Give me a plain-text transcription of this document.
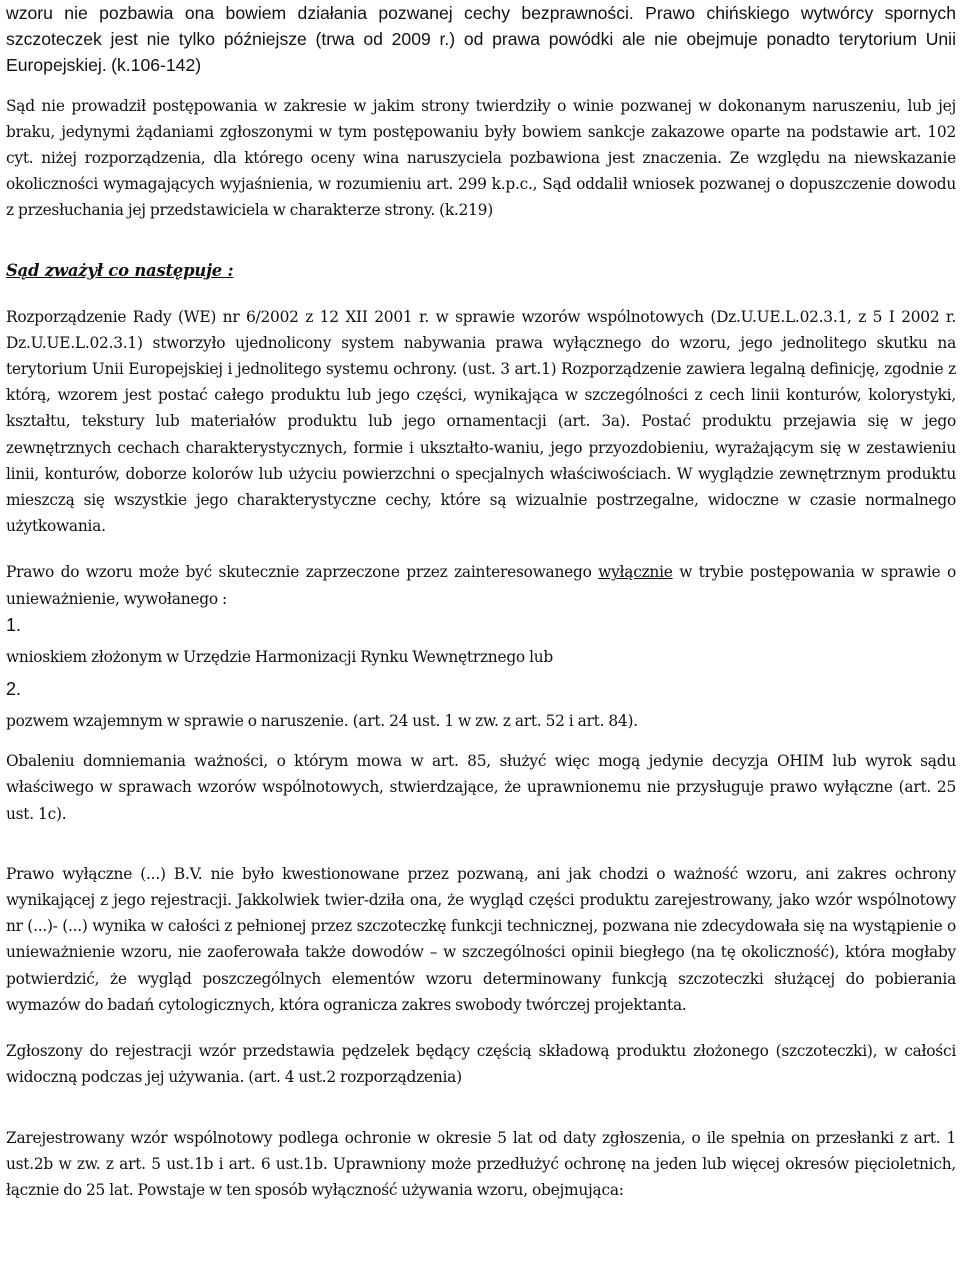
wzoru nie pozbawia ona bowiem działania pozwanej cechy bezprawności. Prawo chińskiego wytwórcy spornych szczoteczek jest nie tylko późniejsze (trwa od 2009 r.) od prawa powódki ale nie obejmuje ponadto terytorium Unii Europejskiej. (k.106-142)

Sąd nie prowadził postępowania w zakresie w jakim strony twierdziły o winie pozwanej w dokonanym naruszeniu, lub jej braku, jedynymi żądaniami zgłoszonymi w tym postępowaniu były bowiem sankcje zakazowe oparte na podstawie art. 102 cyt. niżej rozporządzenia, dla którego oceny wina naruszyciela pozbawiona jest znaczenia. Ze względu na niewskazanie okoliczności wymagających wyjaśnienia, w rozumieniu art. 299 k.p.c., Sąd oddalił wniosek pozwanej o dopuszczenie dowodu z przesłuchania jej przedstawiciela w charakterze strony. (k.219)

Sąd zważył co następuje :

Rozporządzenie Rady (WE) nr 6/2002 z 12 XII 2001 r. w sprawie wzorów wspólnotowych (Dz.U.UE.L.02.3.1, z 5 I 2002 r. Dz.U.UE.L.02.3.1) stworzyło ujednolicony system nabywania prawa wyłącznego do wzoru, jego jednolitego skutku na terytorium Unii Europejskiej i jednolitego systemu ochrony. (ust. 3 art.1) Rozporządzenie zawiera legalną definicję, zgodnie z którą, wzorem jest postać całego produktu lub jego części, wynikająca w szczególności z cech linii konturów, kolorystyki, kształtu, tekstury lub materiałów produktu lub jego ornamentacji (art. 3a). Postać produktu przejawia się w jego zewnętrznych cechach charakterystycznych, formie i ukształto-waniu, jego przyozdobieniu, wyrażającym się w zestawieniu linii, konturów, doborze kolorów lub użyciu powierzchni o specjalnych właściwościach. W wyglądzie zewnętrznym produktu mieszczą się wszystkie jego charakterystyczne cechy, które są wizualnie postrzegalne, widoczne w czasie normalnego użytkowania.

Prawo do wzoru może być skutecznie zaprzeczone przez zainteresowanego wyłącznie w trybie postępowania w sprawie o unieważnienie, wywołanego :

1.

wnioskiem złożonym w Urzędzie Harmonizacji Rynku Wewnętrznego lub

2.

pozwem wzajemnym w sprawie o naruszenie. (art. 24 ust. 1 w zw. z art. 52 i art. 84).

Obaleniu domniemania ważności, o którym mowa w art. 85, służyć więc mogą jedynie decyzja OHIM lub wyrok sądu właściwego w sprawach wzorów wspólnotowych, stwierdzające, że uprawnionemu nie przysługuje prawo wyłączne (art. 25 ust. 1c).

Prawo wyłączne (...) B.V. nie było kwestionowane przez pozwaną, ani jak chodzi o ważność wzoru, ani zakres ochrony wynikającej z jego rejestracji. Jakkolwiek twier-dziła ona, że wygląd części produktu zarejestrowany, jako wzór wspólnotowy nr (...)- (...) wynika w całości z pełnionej przez szczoteczkę funkcji technicznej, pozwana nie zdecydowała się na wystąpienie o unieważnienie wzoru, nie zaoferowała także dowodów – w szczególności opinii biegłego (na tę okoliczność), która mogłaby potwierdzić, że wygląd poszczególnych elementów wzoru determinowany funkcją szczoteczki służącej do pobierania wymazów do badań cytologicznych, która ogranicza zakres swobody twórczej projektanta.

Zgłoszony do rejestracji wzór przedstawia pędzelek będący częścią składową produktu złożonego (szczoteczki), w całości widoczną podczas jej używania. (art. 4 ust.2 rozporządzenia)

Zarejestrowany wzór wspólnotowy podlega ochronie w okresie 5 lat od daty zgłoszenia, o ile spełnia on przesłanki z art. 1 ust.2b w zw. z art. 5 ust.1b i art. 6 ust.1b. Uprawniony może przedłużyć ochronę na jeden lub więcej okresów pięcioletnich, łącznie do 25 lat. Powstaje w ten sposób wyłączność używania wzoru, obejmująca:
